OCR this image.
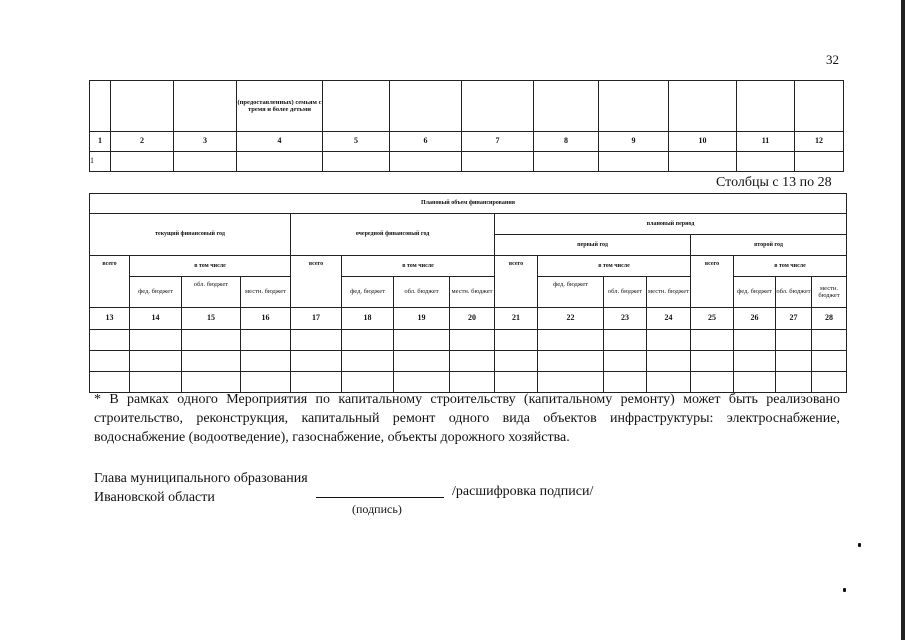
32
			(предоставленных) семьям с тремя и более детьми								
1	2	3	4	5	6	7	8	9	10	11	12
1											
Столбцы с 13 по 28
Плановый объем финансирования															
текущий финансовый год				очередной финансовый год				плановый период							
								первый год				второй год			
всего	в том числе			всего	в том числе			всего	в том числе			всего	в том числе		
	фед. бюджет	обл. бюджет	местн. бюджет		фед. бюджет	обл. бюджет	местн. бюджет		фед. бюджет	обл. бюджет	местн. бюджет		фед. бюджет	обл. бюджет	местн. бюджет
13	14	15	16	17	18	19	20	21	22	23	24	25	26	27	28

* В рамках одного Мероприятия по капитальному строительству (капитальному ремонту) может быть реализовано строительство, реконструкция, капитальный ремонт одного вида объектов инфраструктуры: электроснабжение, водоснабжение (водоотведение), газоснабжение, объекты дорожного хозяйства.

Глава муниципального образования
Ивановской области	/расшифровка подписи/
(подпись)
